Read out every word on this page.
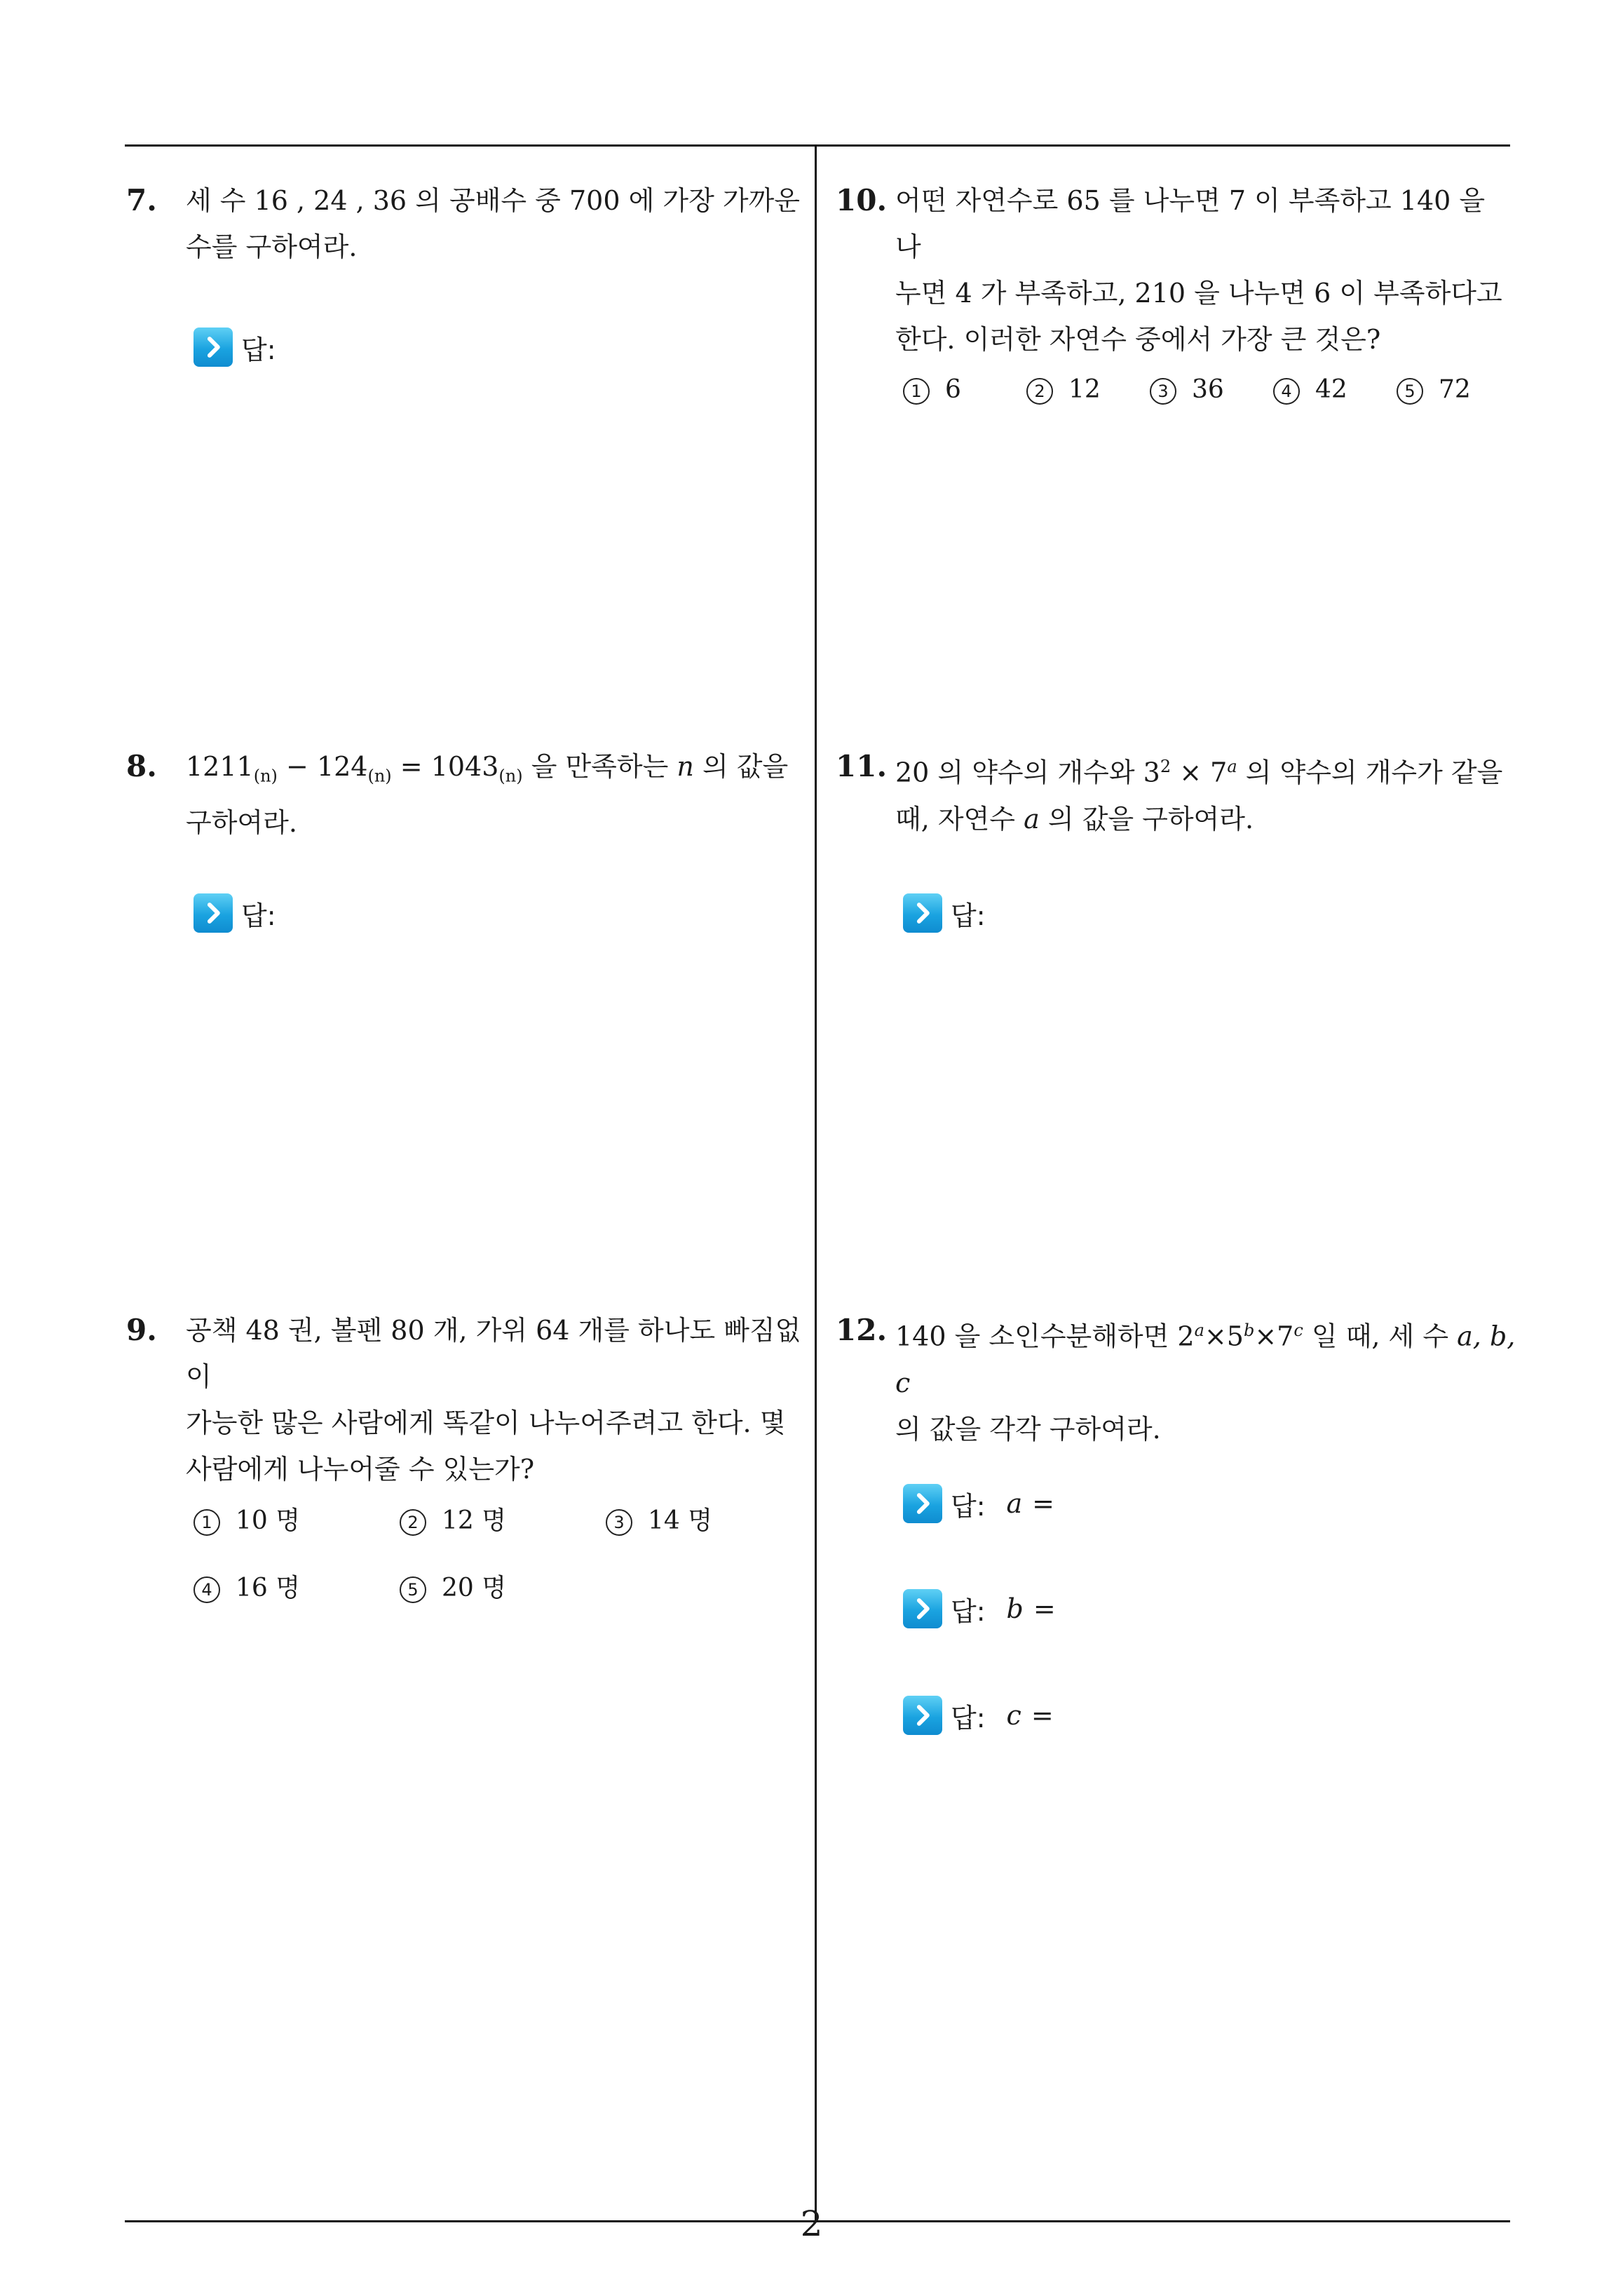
7. 세 수 16 , 24 , 36 의 공배수 중 700 에 가장 가까운

수를 구하여라.

답:
8. $1211_{(n)} - 124_{(n)} = 1043_{(n)}$ 을 만족하는 n 의 값을

구하여라.

답:
9. 공책 48 권, 볼펜 80 개, 가위 64 개를 하나도 빠짐없이

가능한 많은 사람에게 똑같이 나누어주려고 한다. 몇

사람에게 나누어줄 수 있는가?

1 10 명	2 12 명	3 14 명
4 16 명	5 20 명
10. 어떤 자연수로 65 를 나누면 7 이 부족하고 140 을 나

누면 4 가 부족하고, 210 을 나누면 6 이 부족하다고

한다. 이러한 자연수 중에서 가장 큰 것은?

1 6	2 12	3 36	4 42	5 72
11. 20 의 약수의 개수와 $3^2 \times 7^a$ 의 약수의 개수가 같을

때, 자연수 a 의 값을 구하여라.

답:
12. 140 을 소인수분해하면 $2^a\times 5^b\times 7^c$ 일 때, 세 수 a, b, c

의 값을 각각 구하여라.

답: a =
답: b =
답: c =
2
